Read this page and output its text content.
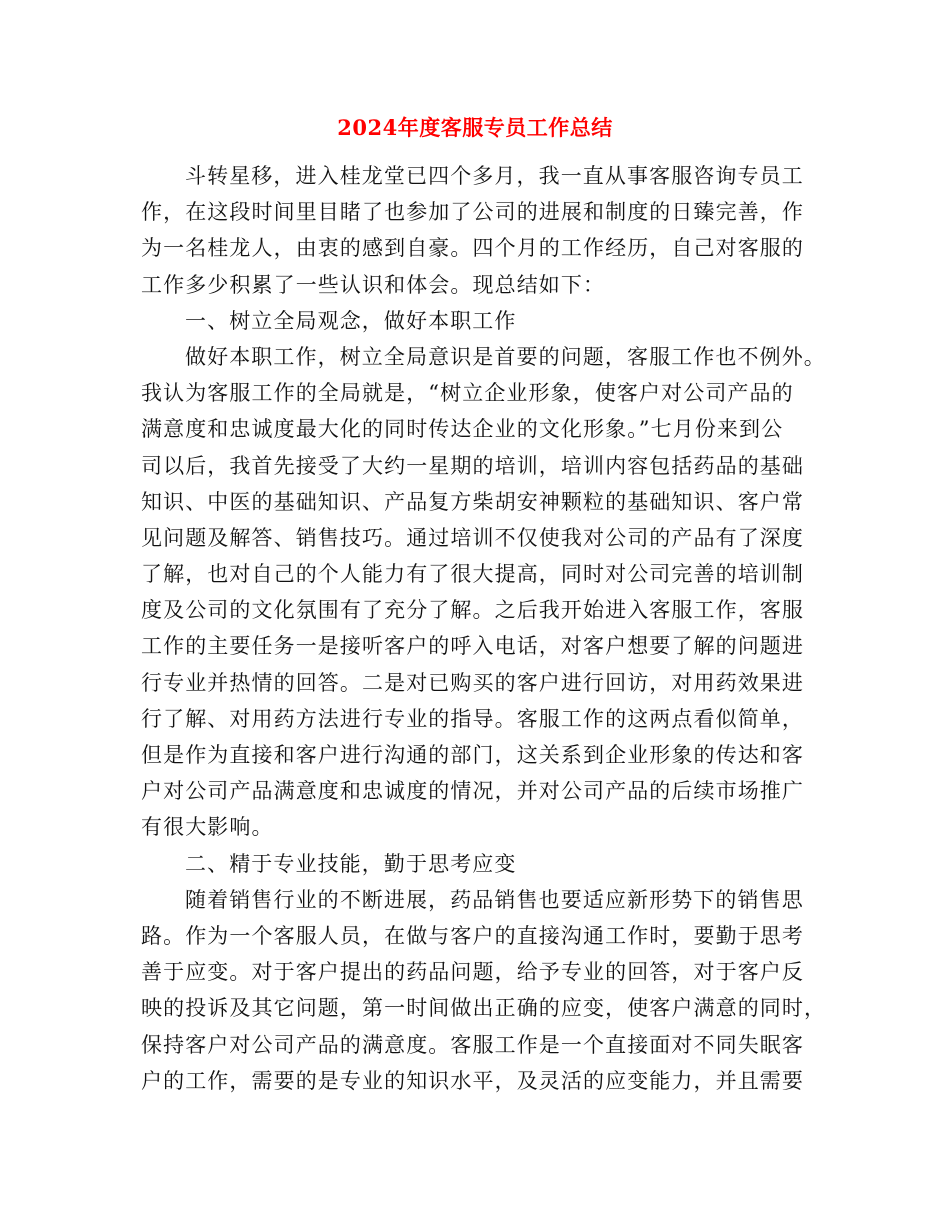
2024年度客服专员工作总结
斗转星移，进入桂龙堂已四个多月，我一直从事客服咨询专员工
作，在这段时间里目睹了也参加了公司的进展和制度的日臻完善，作
为一名桂龙人，由衷的感到自豪。四个月的工作经历，自己对客服的
工作多少积累了一些认识和体会。现总结如下：
一、树立全局观念，做好本职工作
做好本职工作，树立全局意识是首要的问题，客服工作也不例外。
我认为客服工作的全局就是，“树立企业形象，使客户对公司产品的
满意度和忠诚度最大化的同时传达企业的文化形象。”七月份来到公
司以后，我首先接受了大约一星期的培训，培训内容包括药品的基础
知识、中医的基础知识、产品复方柴胡安神颗粒的基础知识、客户常
见问题及解答、销售技巧。通过培训不仅使我对公司的产品有了深度
了解，也对自己的个人能力有了很大提高，同时对公司完善的培训制
度及公司的文化氛围有了充分了解。之后我开始进入客服工作，客服
工作的主要任务一是接听客户的呼入电话，对客户想要了解的问题进
行专业并热情的回答。二是对已购买的客户进行回访，对用药效果进
行了解、对用药方法进行专业的指导。客服工作的这两点看似简单，
但是作为直接和客户进行沟通的部门，这关系到企业形象的传达和客
户对公司产品满意度和忠诚度的情况，并对公司产品的后续市场推广
有很大影响。
二、精于专业技能，勤于思考应变
随着销售行业的不断进展，药品销售也要适应新形势下的销售思
路。作为一个客服人员，在做与客户的直接沟通工作时，要勤于思考
善于应变。对于客户提出的药品问题，给予专业的回答，对于客户反
映的投诉及其它问题，第一时间做出正确的应变，使客户满意的同时，
保持客户对公司产品的满意度。客服工作是一个直接面对不同失眠客
户的工作，需要的是专业的知识水平，及灵活的应变能力，并且需要
